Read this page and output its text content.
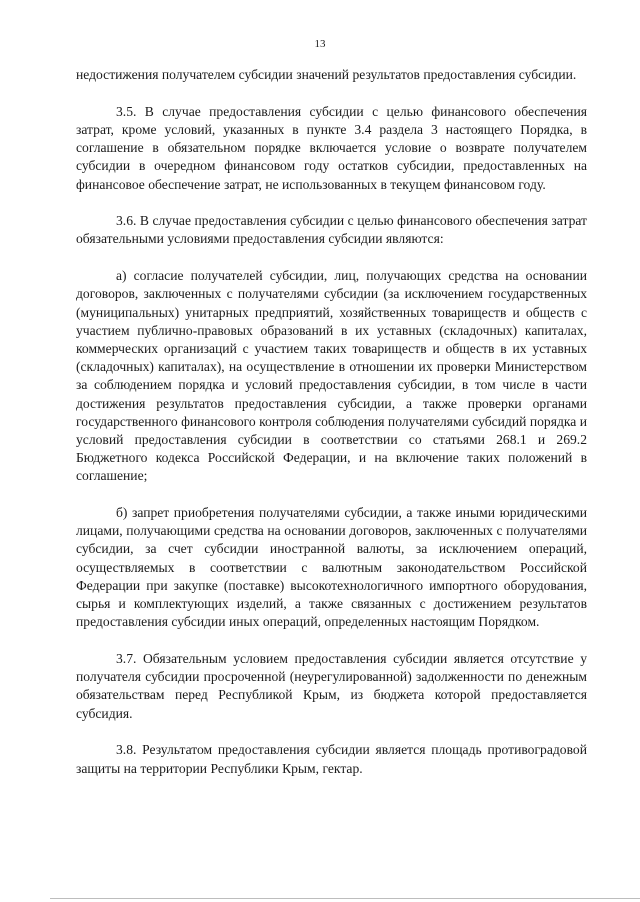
13

недостижения получателем субсидии значений результатов предоставления субсидии.

3.5. В случае предоставления субсидии с целью финансового обеспечения затрат, кроме условий, указанных в пункте 3.4 раздела 3 настоящего Порядка, в соглашение в обязательном порядке включается условие о возврате получателем субсидии в очередном финансовом году остатков субсидии, предоставленных на финансовое обеспечение затрат, не использованных в текущем финансовом году.

3.6. В случае предоставления субсидии с целью финансового обеспечения затрат обязательными условиями предоставления субсидии являются:

а) согласие получателей субсидии, лиц, получающих средства на основании договоров, заключенных с получателями субсидии (за исключением государственных (муниципальных) унитарных предприятий, хозяйственных товариществ и обществ с участием публично-правовых образований в их уставных (складочных) капиталах, коммерческих организаций с участием таких товариществ и обществ в их уставных (складочных) капиталах), на осуществление в отношении их проверки Министерством за соблюдением порядка и условий предоставления субсидии, в том числе в части достижения результатов предоставления субсидии, а также проверки органами государственного финансового контроля соблюдения получателями субсидий порядка и условий предоставления субсидии в соответствии со статьями 268.1 и 269.2 Бюджетного кодекса Российской Федерации, и на включение таких положений в соглашение;

б) запрет приобретения получателями субсидии, а также иными юридическими лицами, получающими средства на основании договоров, заключенных с получателями субсидии, за счет субсидии иностранной валюты, за исключением операций, осуществляемых в соответствии с валютным законодательством Российской Федерации при закупке (поставке) высокотехнологичного импортного оборудования, сырья и комплектующих изделий, а также связанных с достижением результатов предоставления субсидии иных операций, определенных настоящим Порядком.

3.7. Обязательным условием предоставления субсидии является отсутствие у получателя субсидии просроченной (неурегулированной) задолженности по денежным обязательствам перед Республикой Крым, из бюджета которой предоставляется субсидия.

3.8. Результатом предоставления субсидии является площадь противоградовой защиты на территории Республики Крым, гектар.
